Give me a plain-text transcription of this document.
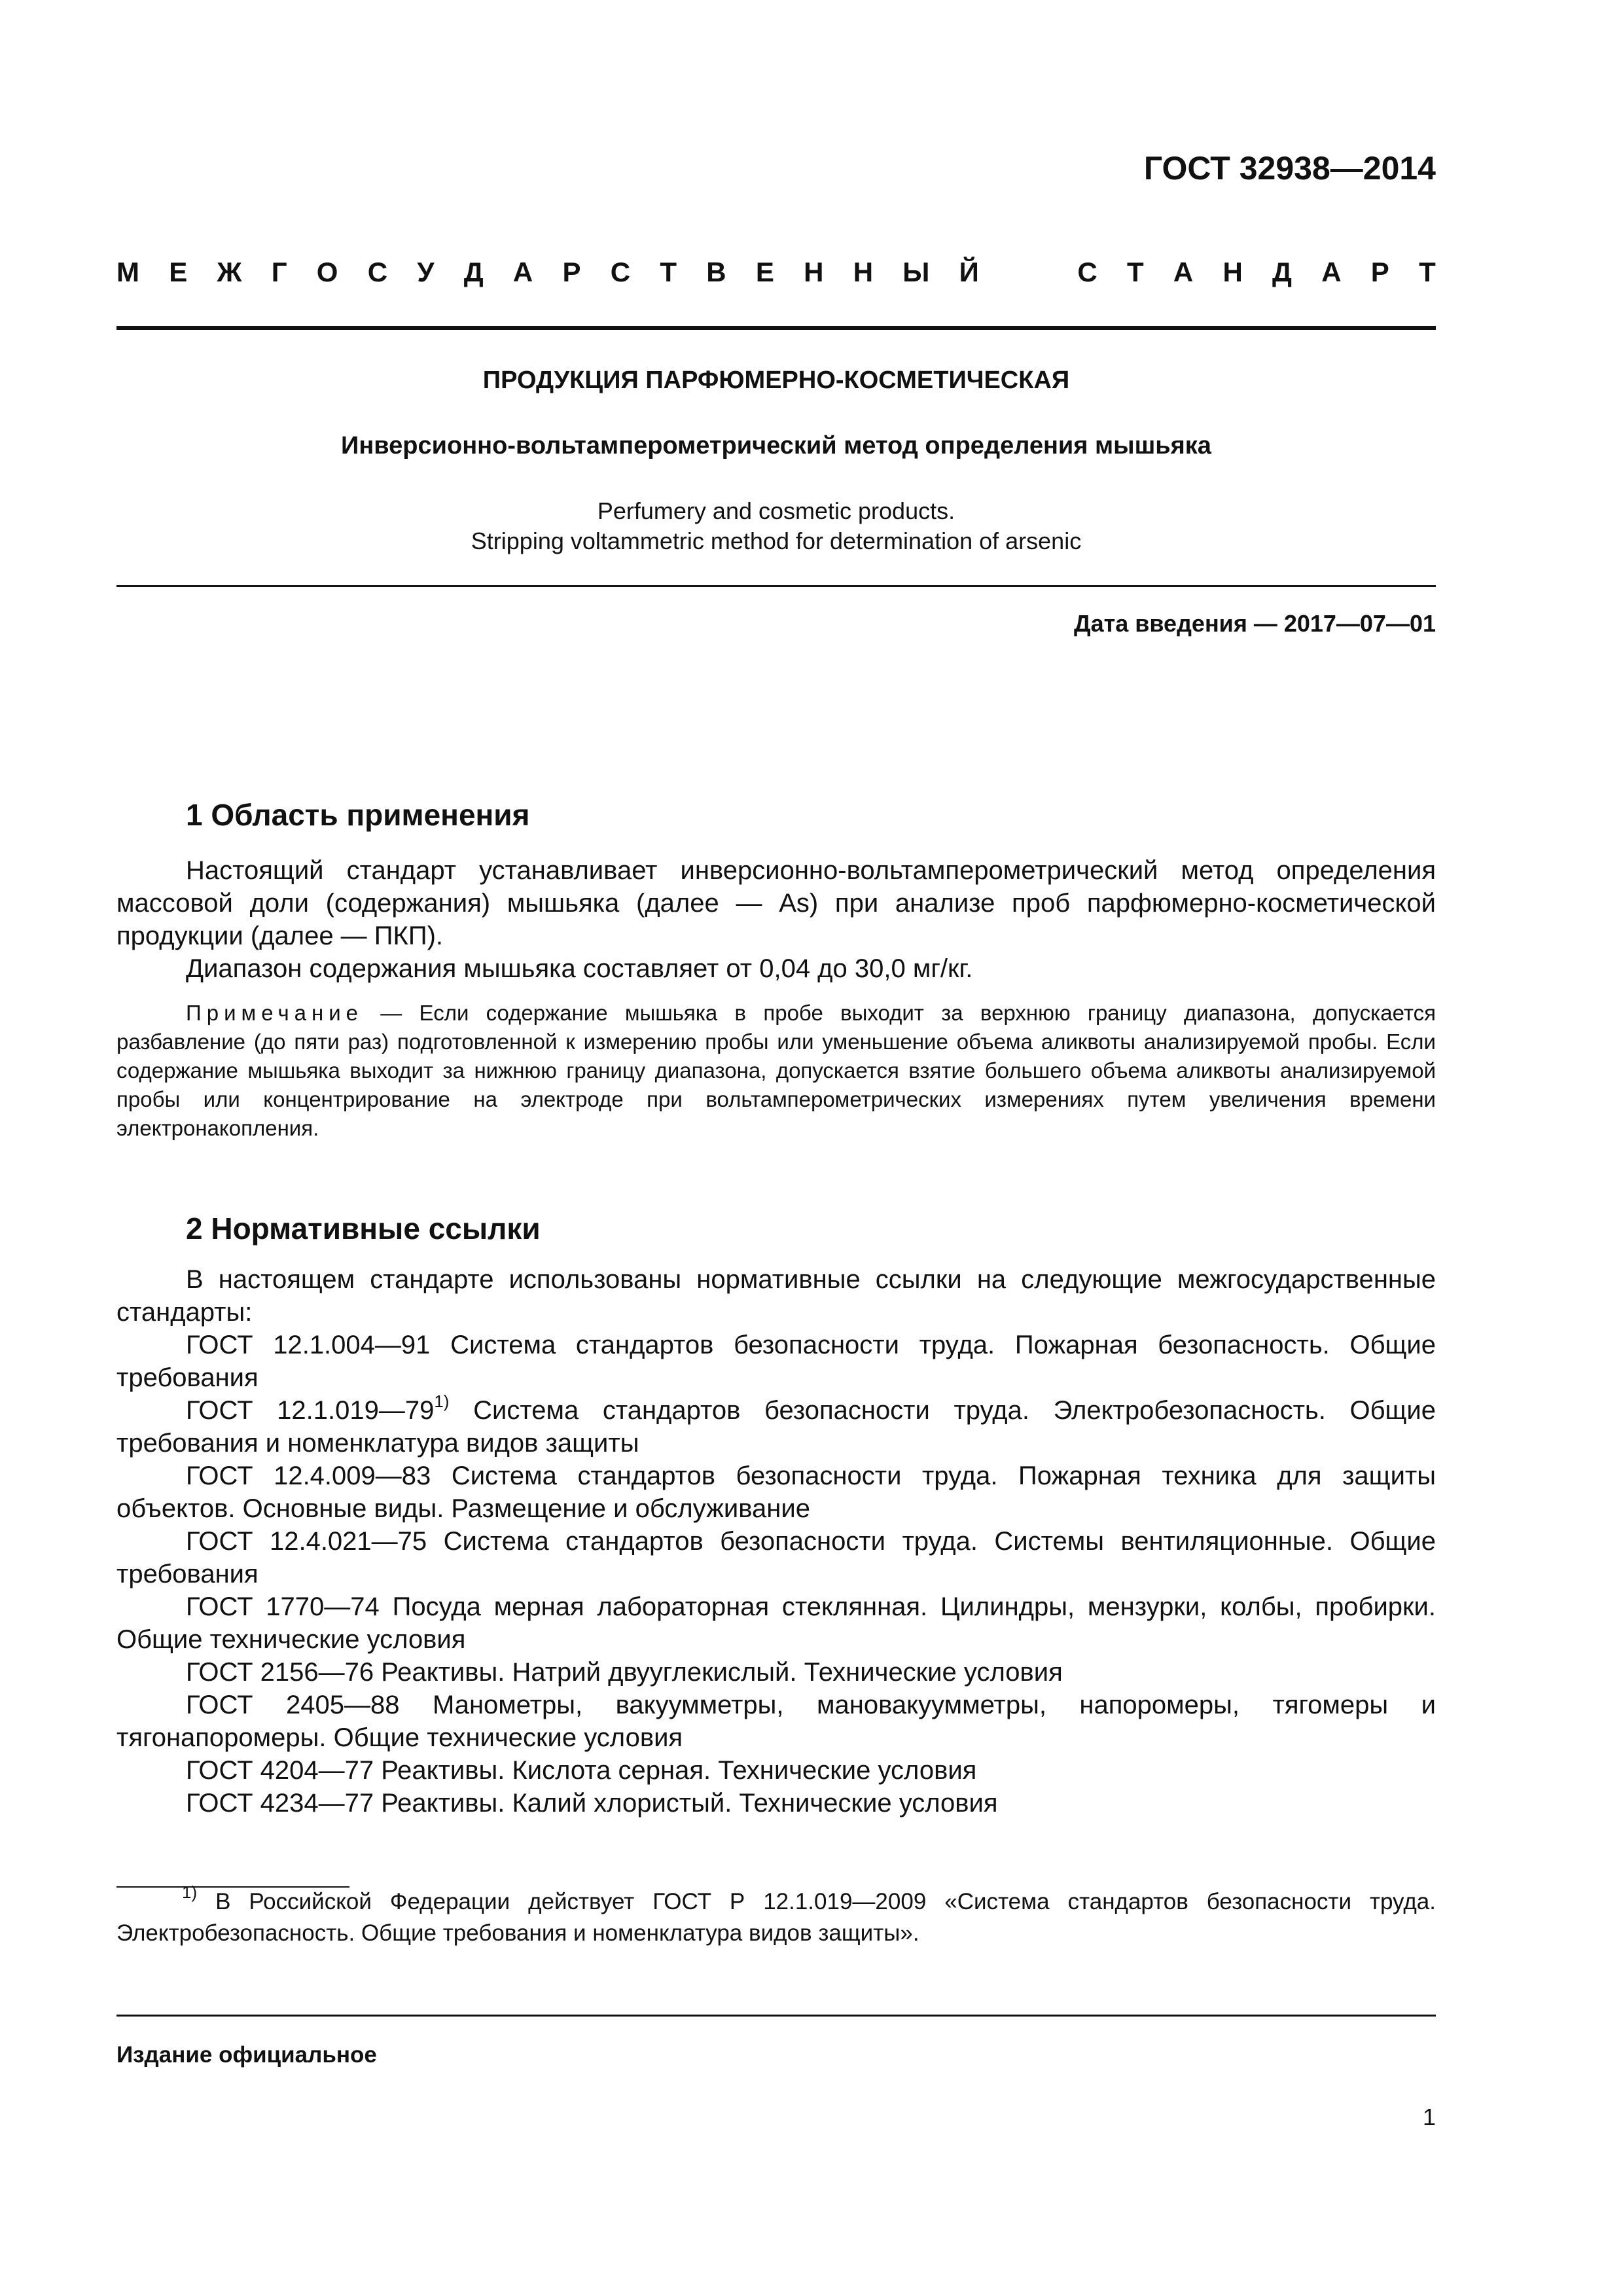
ГОСТ 32938—2014
М Е Ж Г О С У Д А Р С Т В Е Н Н Ы Й	С Т А Н Д А Р Т
ПРОДУКЦИЯ ПАРФЮМЕРНО-КОСМЕТИЧЕСКАЯ
Инверсионно-вольтамперометрический метод определения мышьяка
Perfumery and cosmetic products.
Stripping voltammetric method for determination of arsenic
Дата введения — 2017—07—01
1 Область применения

Настоящий стандарт устанавливает инверсионно-вольтамперометрический метод определения массовой доли (содержания) мышьяка (далее — As) при анализе проб парфюмерно-косметической продукции (далее — ПКП).

Диапазон содержания мышьяка составляет от 0,04 до 30,0 мг/кг.

Примечание — Если содержание мышьяка в пробе выходит за верхнюю границу диапазона, допускается разбавление (до пяти раз) подготовленной к измерению пробы или уменьшение объема аликвоты анализируемой пробы. Если содержание мышьяка выходит за нижнюю границу диапазона, допускается взятие большего объема аликвоты анализируемой пробы или концентрирование на электроде при вольтамперометрических измерениях путем увеличения времени электронакопления.

2 Нормативные ссылки

В настоящем стандарте использованы нормативные ссылки на следующие межгосударственные стандарты:

ГОСТ 12.1.004—91 Система стандартов безопасности труда. Пожарная безопасность. Общие требования

ГОСТ 12.1.019—79$^{1)}$ Система стандартов безопасности труда. Электробезопасность. Общие требования и номенклатура видов защиты

ГОСТ 12.4.009—83 Система стандартов безопасности труда. Пожарная техника для защиты объектов. Основные виды. Размещение и обслуживание

ГОСТ 12.4.021—75 Система стандартов безопасности труда. Системы вентиляционные. Общие требования

ГОСТ 1770—74 Посуда мерная лабораторная стеклянная. Цилиндры, мензурки, колбы, пробирки. Общие технические условия

ГОСТ 2156—76 Реактивы. Натрий двууглекислый. Технические условия

ГОСТ 2405—88 Манометры, вакуумметры, мановакуумметры, напоромеры, тягомеры и тягонапоромеры. Общие технические условия

ГОСТ 4204—77 Реактивы. Кислота серная. Технические условия

ГОСТ 4234—77 Реактивы. Калий хлористый. Технические условия

$^{1)}$ В Российской Федерации действует ГОСТ Р 12.1.019—2009 «Система стандартов безопасности труда. Электробезопасность. Общие требования и номенклатура видов защиты».

Издание официальное
1
